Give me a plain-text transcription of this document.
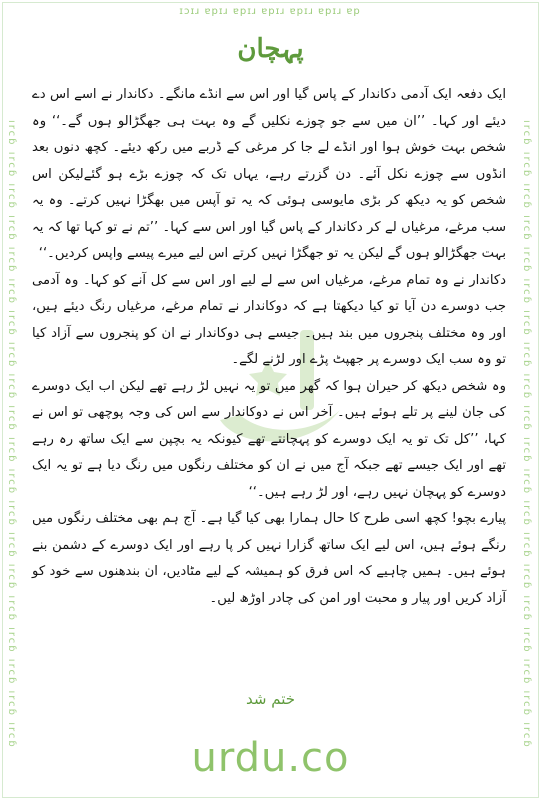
ɪɔɪɹ ɐpɪɹ ɐpɪɹ ɐpɪɹ ɐpɪɹ ɐpɪɹ ɐp
ırcɓ ırcɓ ırcɓ ırcɓ ırcɓ ırcɓ ırcɓ ırcɓ ırcɓ ırcɓ ırcɓ ırcɓ ırcɓ ırcɓ ırcɓ ırcɓ ırcɓ ırcɓ ırcɓ ırcɓ	ırcɓ ırcɓ ırcɓ ırcɓ ırcɓ ırcɓ ırcɓ ırcɓ ırcɓ ırcɓ ırcɓ ırcɓ ırcɓ ırcɓ ırcɓ ırcɓ ırcɓ ırcɓ ırcɓ ırcɓ
پہچان

ایک دفعہ ایک آدمی دکاندار کے پاس گیا اور اس سے انڈے مانگے۔ دکاندار نے اسے اس دے دیئے اور کہا۔ ’’ان میں سے جو چوزے نکلیں گے وہ بہت ہی جھگڑالو ہوں گے۔‘‘ وہ شخص بہت خوش ہوا اور انڈے لے جا کر مرغی کے ڈربے میں رکھ دیئے۔ کچھ دنوں بعد انڈوں سے چوزے نکل آئے۔ دن گزرتے رہے، یہاں تک کہ چوزے بڑے ہو گئےلیکن اس شخص کو یہ دیکھ کر بڑی مایوسی ہوئی کہ یہ تو آپس میں بھگڑا نہیں کرتے۔ وہ یہ سب مرغے، مرغیاں لے کر دکاندار کے پاس گیا اور اس سے کہا۔ ’’تم نے تو کہا تھا کہ یہ بہت جھگڑالو ہوں گے لیکن یہ تو جھگڑا نہیں کرتے اس لیے میرے پیسے واپس کردیں۔‘‘

دکاندار نے وہ تمام مرغے، مرغیاں اس سے لے لیے اور اس سے کل آنے کو کہا۔ وہ آدمی جب دوسرے دن آیا تو کیا دیکھتا ہے کہ دوکاندار نے تمام مرغے، مرغیاں رنگ دیئے ہیں، اور وہ مختلف پنجروں میں بند ہیں۔ جیسے ہی دوکاندار نے ان کو پنجروں سے آزاد کیا تو وہ سب ایک دوسرے پر جھپٹ پڑے اور لڑنے لگے۔

وہ شخص دیکھ کر حیران ہوا کہ گھر میں تو یہ نہیں لڑ رہے تھے لیکن اب ایک دوسرے کی جان لینے پر تلے ہوئے ہیں۔ آخر اس نے دوکاندار سے اس کی وجہ پوچھی تو اس نے کہا، ’’کل تک تو یہ ایک دوسرے کو پہچانتے تھے کیونکہ یہ بچپن سے ایک ساتھ رہ رہے تھے اور ایک جیسے تھے جبکہ آج میں نے ان کو مختلف رنگوں میں رنگ دیا ہے تو یہ ایک دوسرے کو پہچان نہیں رہے، اور لڑ رہے ہیں۔‘‘

پیارے بچو! کچھ اسی طرح کا حال ہمارا بھی کیا گیا ہے۔ آج ہم بھی مختلف رنگوں میں رنگے ہوئے ہیں، اس لیے ایک ساتھ گزارا نہیں کر پا رہے اور ایک دوسرے کے دشمن بنے ہوئے ہیں۔ ہمیں چاہیے کہ اس فرق کو ہمیشہ کے لیے مٹادیں، ان بندھنوں سے خود کو آزاد کریں اور پیار و محبت اور امن کی چادر اوڑھ لیں۔

ختم شد
urdu.co
